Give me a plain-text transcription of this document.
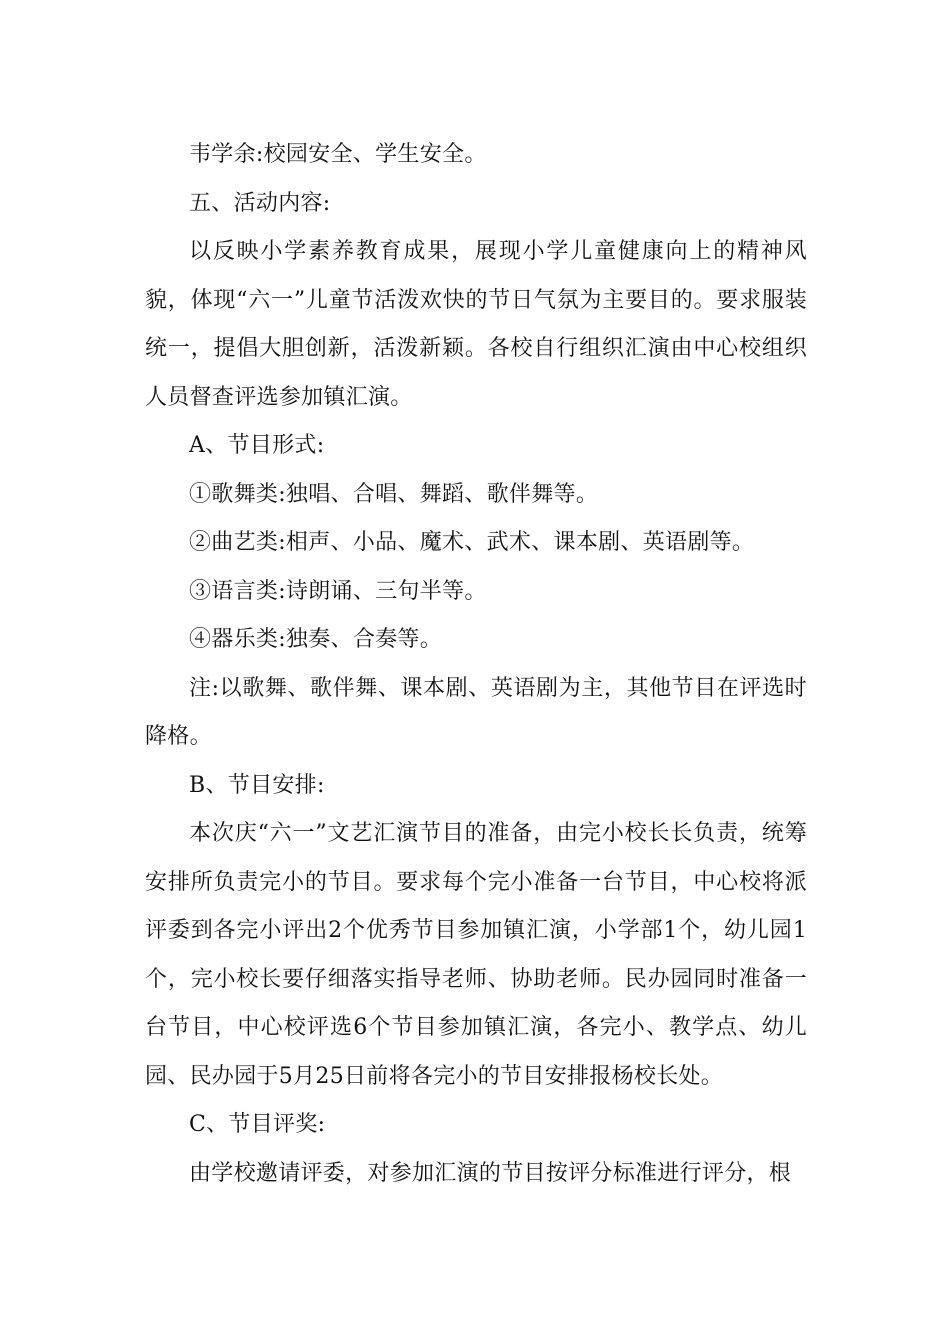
韦学余:校园安全、学生安全。

五、活动内容:

以反映小学素养教育成果，展现小学儿童健康向上的精神风貌，体现“六一”儿童节活泼欢快的节日气氛为主要目的。要求服装统一，提倡大胆创新，活泼新颖。各校自行组织汇演由中心校组织人员督查评选参加镇汇演。

A、节目形式:

①歌舞类:独唱、合唱、舞蹈、歌伴舞等。

②曲艺类:相声、小品、魔术、武术、课本剧、英语剧等。

③语言类:诗朗诵、三句半等。

④器乐类:独奏、合奏等。

注:以歌舞、歌伴舞、课本剧、英语剧为主，其他节目在评选时降格。

B、节目安排:

本次庆“六一”文艺汇演节目的准备，由完小校长长负责，统筹安排所负责完小的节目。要求每个完小准备一台节目，中心校将派评委到各完小评出2个优秀节目参加镇汇演，小学部1个，幼儿园1个，完小校长要仔细落实指导老师、协助老师。民办园同时准备一台节目，中心校评选6个节目参加镇汇演，各完小、教学点、幼儿园、民办园于5月25日前将各完小的节目安排报杨校长处。

C、节目评奖:

由学校邀请评委，对参加汇演的节目按评分标准进行评分，根
